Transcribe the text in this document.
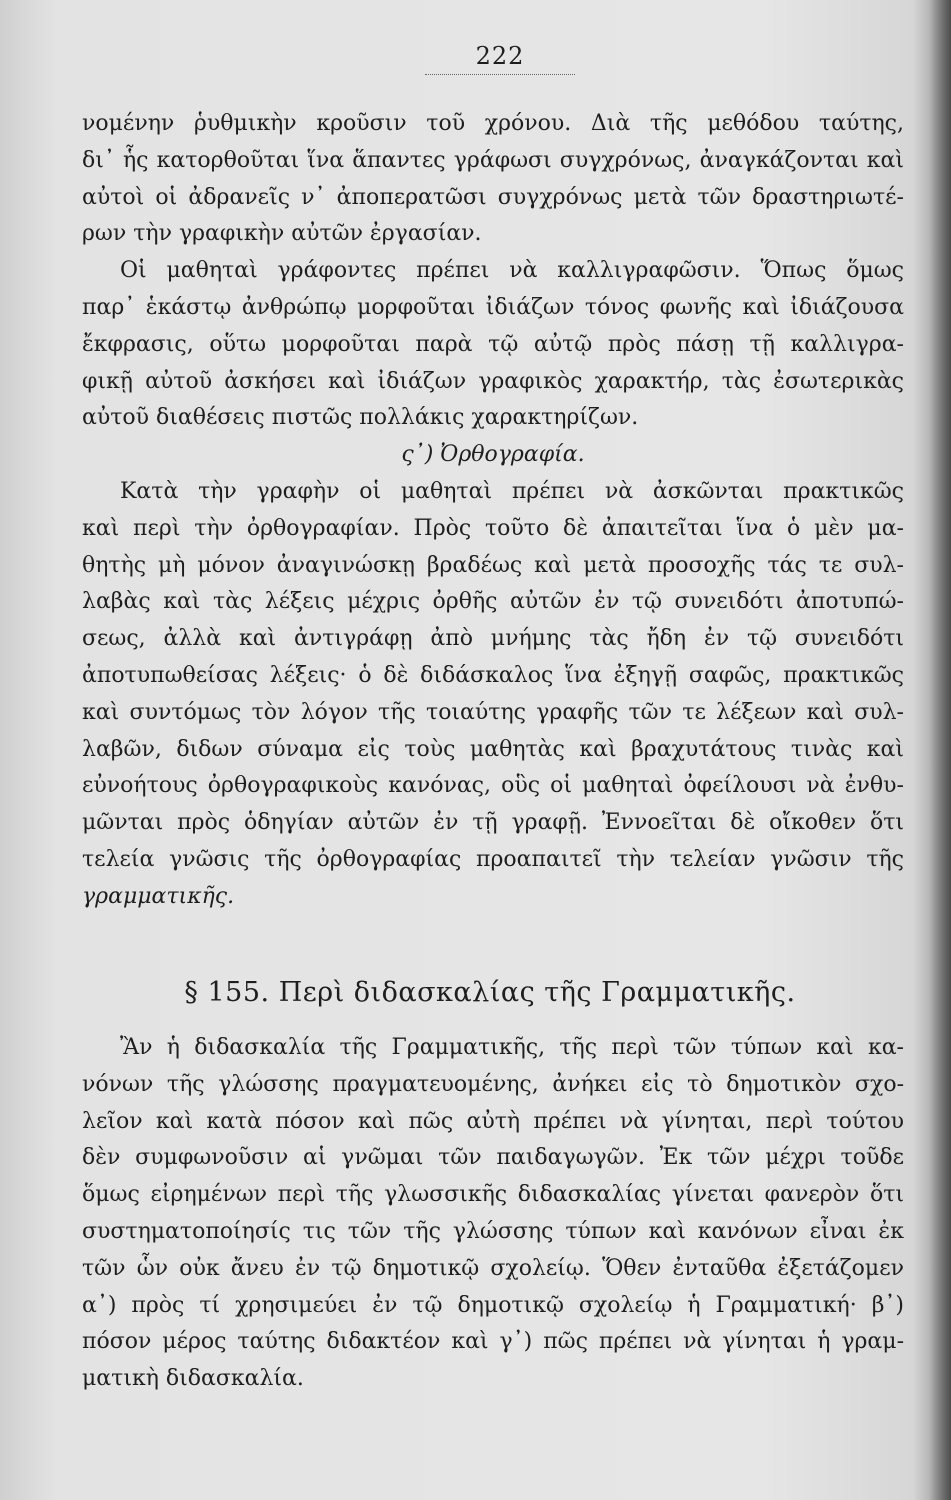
222
νομένην ῥυθμικὴν κροῦσιν τοῦ χρόνου. Διὰ τῆς μεθόδου ταύτης,
δι᾿ ἧς κατορθοῦται ἵνα ἅπαντες γράφωσι συγχρόνως, ἀναγκάζονται καὶ
αὐτοὶ οἱ ἀδρανεῖς ν᾿ ἀποπερατῶσι συγχρόνως μετὰ τῶν δραστηριωτέ-
ρων τὴν γραφικὴν αὐτῶν ἐργασίαν.
Οἱ μαθηταὶ γράφοντες πρέπει νὰ καλλιγραφῶσιν. Ὅπως ὅμως
παρ᾿ ἑκάστῳ ἀνθρώπῳ μορφοῦται ἰδιάζων τόνος φωνῆς καὶ ἰδιάζουσα
ἔκφρασις, οὕτω μορφοῦται παρὰ τῷ αὐτῷ πρὸς πάσῃ τῇ καλλιγρα-
φικῇ αὐτοῦ ἀσκήσει καὶ ἰδιάζων γραφικὸς χαρακτήρ, τὰς ἐσωτερικὰς
αὐτοῦ διαθέσεις πιστῶς πολλάκις χαρακτηρίζων.
ς᾿) Ὀρθογραφία.
Κατὰ τὴν γραφὴν οἱ μαθηταὶ πρέπει νὰ ἀσκῶνται πρακτικῶς
καὶ περὶ τὴν ὀρθογραφίαν. Πρὸς τοῦτο δὲ ἀπαιτεῖται ἵνα ὁ μὲν μα-
θητὴς μὴ μόνον ἀναγινώσκῃ βραδέως καὶ μετὰ προσοχῆς τάς τε συλ-
λαβὰς καὶ τὰς λέξεις μέχρις ὀρθῆς αὐτῶν ἐν τῷ συνειδότι ἀποτυπώ-
σεως, ἀλλὰ καὶ ἀντιγράφῃ ἀπὸ μνήμης τὰς ἤδη ἐν τῷ συνειδότι
ἀποτυπωθείσας λέξεις· ὁ δὲ διδάσκαλος ἵνα ἐξηγῇ σαφῶς, πρακτικῶς
καὶ συντόμως τὸν λόγον τῆς τοιαύτης γραφῆς τῶν τε λέξεων καὶ συλ-
λαβῶν, διδων σύναμα εἰς τοὺς μαθητὰς καὶ βραχυτάτους τινὰς καὶ
εὐνοήτους ὀρθογραφικοὺς κανόνας, οὓς οἱ μαθηταὶ ὀφείλουσι νὰ ἐνθυ-
μῶνται πρὸς ὁδηγίαν αὐτῶν ἐν τῇ γραφῇ. Ἐννοεῖται δὲ οἴκοθεν ὅτι
τελεία γνῶσις τῆς ὀρθογραφίας προαπαιτεῖ τὴν τελείαν γνῶσιν τῆς
γραμματικῆς.
§ 155. Περὶ διδασκαλίας τῆς Γραμματικῆς.
Ἂν ἡ διδασκαλία τῆς Γραμματικῆς, τῆς περὶ τῶν τύπων καὶ κα-
νόνων τῆς γλώσσης πραγματευομένης, ἀνήκει εἰς τὸ δημοτικὸν σχο-
λεῖον καὶ κατὰ πόσον καὶ πῶς αὐτὴ πρέπει νὰ γίνηται, περὶ τούτου
δὲν συμφωνοῦσιν αἱ γνῶμαι τῶν παιδαγωγῶν. Ἐκ τῶν μέχρι τοῦδε
ὅμως εἰρημένων περὶ τῆς γλωσσικῆς διδασκαλίας γίνεται φανερὸν ὅτι
συστηματοποίησίς τις τῶν τῆς γλώσσης τύπων καὶ κανόνων εἶναι ἐκ
τῶν ὧν οὐκ ἄνευ ἐν τῷ δημοτικῷ σχολείῳ. Ὅθεν ἐνταῦθα ἐξετάζομεν
α᾿) πρὸς τί χρησιμεύει ἐν τῷ δημοτικῷ σχολείῳ ἡ Γραμματική· β᾿)
πόσον μέρος ταύτης διδακτέον καὶ γ᾿) πῶς πρέπει νὰ γίνηται ἡ γραμ-
ματικὴ διδασκαλία.
